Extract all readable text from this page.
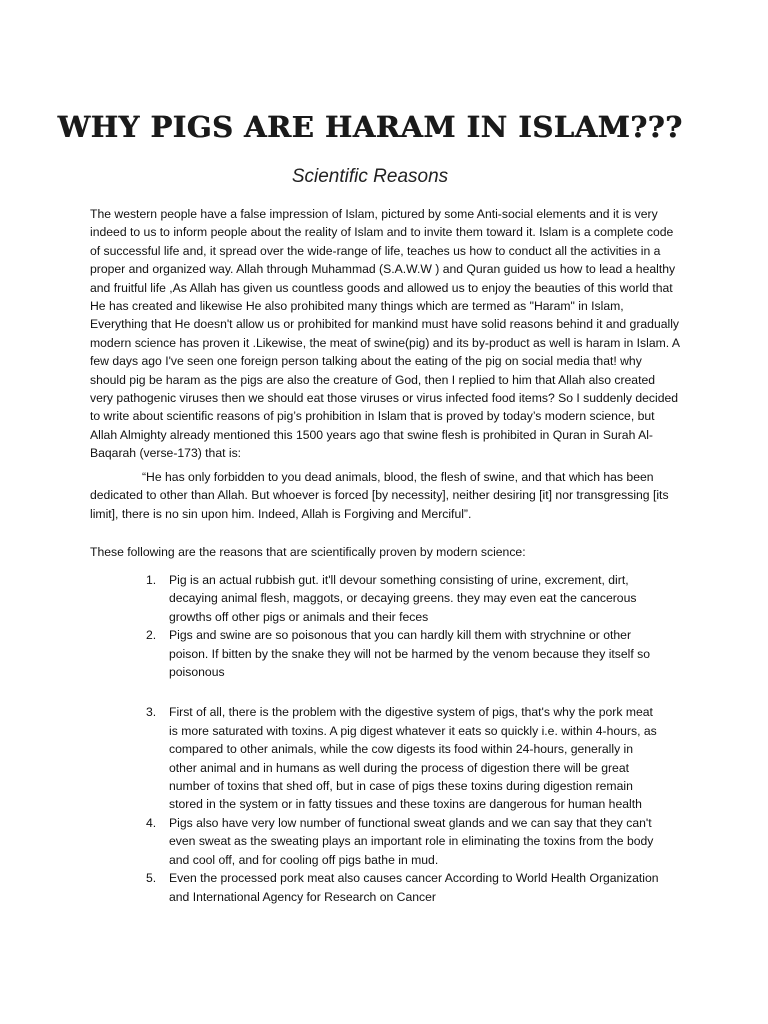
WHY PIGS ARE HARAM IN ISLAM???
Scientific Reasons

The western people have a false impression of Islam, pictured by some Anti-social elements and it is very indeed to us to inform people about the reality of Islam and to invite them toward it. Islam is a complete code of successful life and, it spread over the wide-range of life, teaches us how to conduct all the activities in a proper and organized way. Allah through Muhammad (S.A.W.W ) and Quran guided us how to lead a healthy and fruitful life ,As Allah has given us countless goods and allowed us to enjoy the beauties of this world that He has created and likewise He also prohibited many things which are termed as "Haram" in Islam, Everything that He doesn't allow us or prohibited for mankind must have solid reasons behind it and gradually modern science has proven it .Likewise, the meat of swine(pig) and its by-product as well is haram in Islam. A few days ago I've seen one foreign person talking about the eating of the pig on social media that! why should pig be haram as the pigs are also the creature of God, then I replied to him that Allah also created very pathogenic viruses then we should eat those viruses or virus infected food items? So I suddenly decided to write about scientific reasons of pig’s prohibition in Islam that is proved by today’s modern science, but Allah Almighty already mentioned this 1500 years ago that swine flesh is prohibited in Quran in Surah Al-Baqarah (verse-173) that is:

“He has only forbidden to you dead animals, blood, the flesh of swine, and that which has been dedicated to other than Allah. But whoever is forced [by necessity], neither desiring [it] nor transgressing [its limit], there is no sin upon him. Indeed, Allah is Forgiving and Merciful”.

These following are the reasons that are scientifically proven by modern science:

1. Pig is an actual rubbish gut. it'll devour something consisting of urine, excrement, dirt, decaying animal flesh, maggots, or decaying greens. they may even eat the cancerous growths off other pigs or animals and their feces
2. Pigs and swine are so poisonous that you can hardly kill them with strychnine or other poison. If bitten by the snake they will not be harmed by the venom because they itself so poisonous
3. First of all, there is the problem with the digestive system of pigs, that's why the pork meat is more saturated with toxins. A pig digest whatever it eats so quickly i.e. within 4-hours, as compared to other animals, while the cow digests its food within 24-hours, generally in other animal and in humans as well during the process of digestion there will be great number of toxins that shed off, but in case of pigs these toxins during digestion remain stored in the system or in fatty tissues and these toxins are dangerous for human health
4. Pigs also have very low number of functional sweat glands and we can say that they can't even sweat as the sweating plays an important role in eliminating the toxins from the body and cool off, and for cooling off pigs bathe in mud.
5. Even the processed pork meat also causes cancer According to World Health Organization and International Agency for Research on Cancer
